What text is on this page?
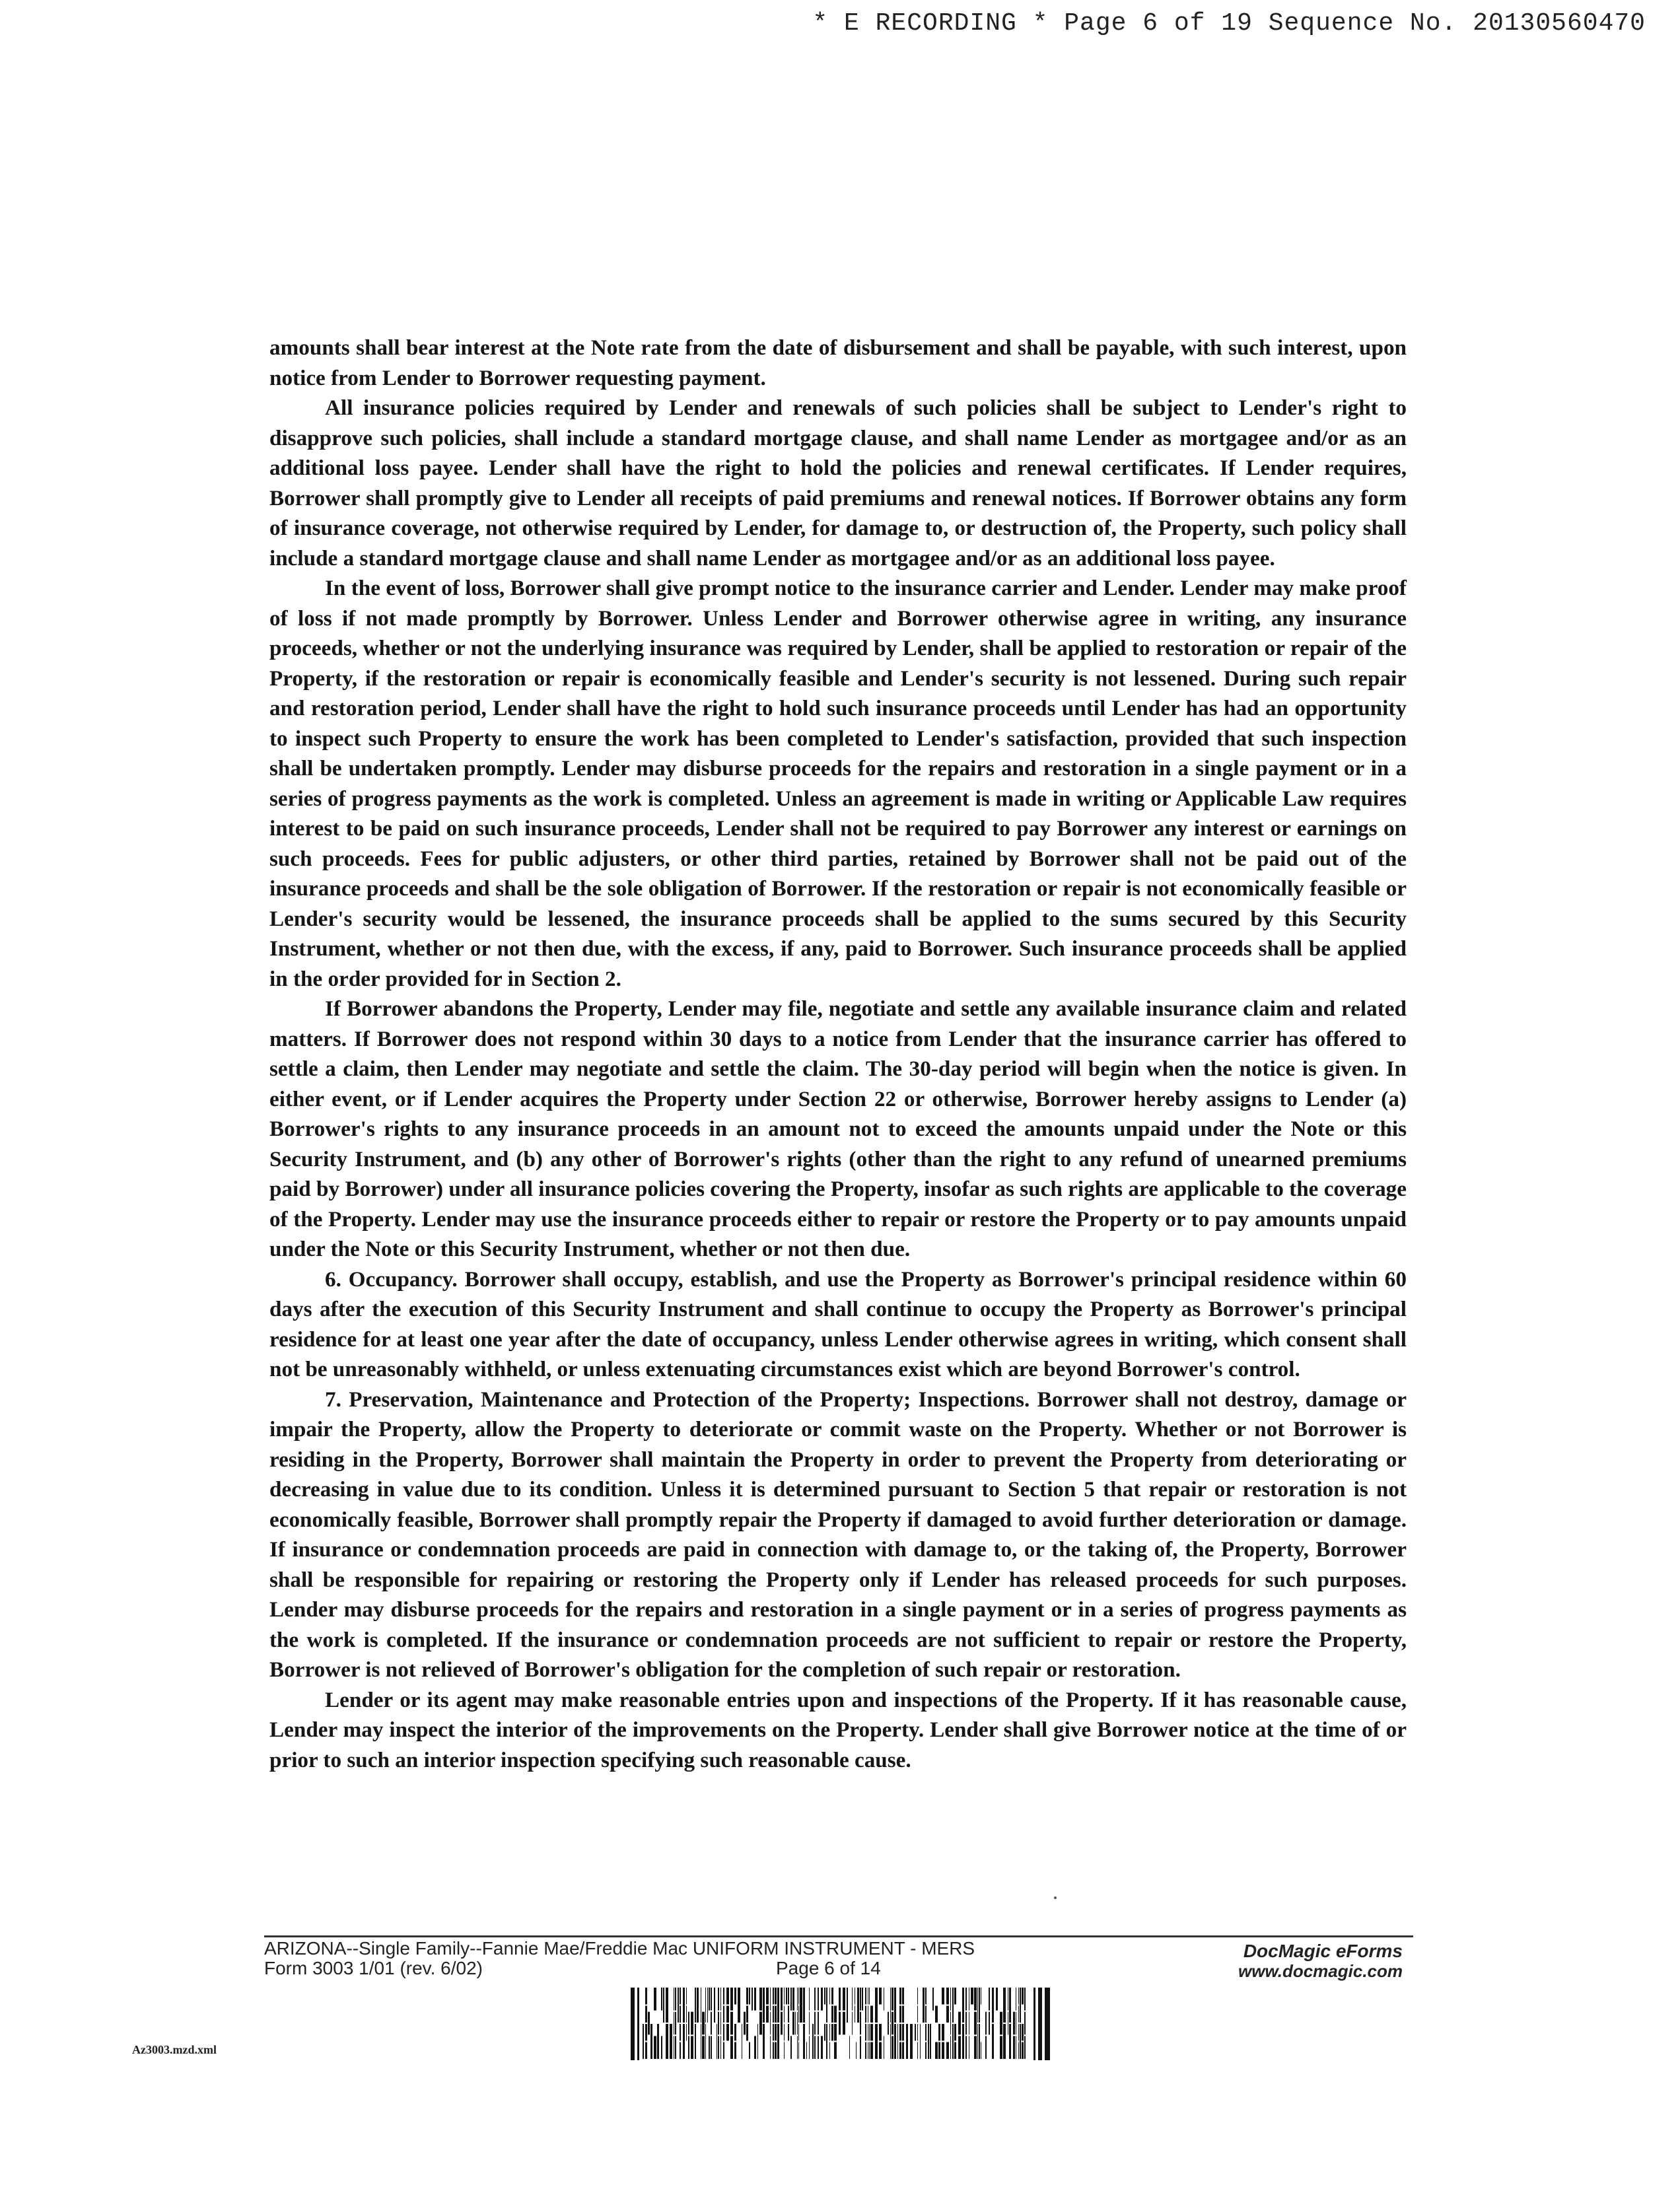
* E RECORDING * Page 6 of 19 Sequence No. 20130560470

amounts shall bear interest at the Note rate from the date of disbursement and shall be payable, with such interest, upon notice from Lender to Borrower requesting payment.

All insurance policies required by Lender and renewals of such policies shall be subject to Lender's right to disapprove such policies, shall include a standard mortgage clause, and shall name Lender as mortgagee and/or as an additional loss payee. Lender shall have the right to hold the policies and renewal certificates. If Lender requires, Borrower shall promptly give to Lender all receipts of paid premiums and renewal notices. If Borrower obtains any form of insurance coverage, not otherwise required by Lender, for damage to, or destruction of, the Property, such policy shall include a standard mortgage clause and shall name Lender as mortgagee and/or as an additional loss payee.

In the event of loss, Borrower shall give prompt notice to the insurance carrier and Lender. Lender may make proof of loss if not made promptly by Borrower. Unless Lender and Borrower otherwise agree in writing, any insurance proceeds, whether or not the underlying insurance was required by Lender, shall be applied to restoration or repair of the Property, if the restoration or repair is economically feasible and Lender's security is not lessened. During such repair and restoration period, Lender shall have the right to hold such insurance proceeds until Lender has had an opportunity to inspect such Property to ensure the work has been completed to Lender's satisfaction, provided that such inspection shall be undertaken promptly. Lender may disburse proceeds for the repairs and restoration in a single payment or in a series of progress payments as the work is completed. Unless an agreement is made in writing or Applicable Law requires interest to be paid on such insurance proceeds, Lender shall not be required to pay Borrower any interest or earnings on such proceeds. Fees for public adjusters, or other third parties, retained by Borrower shall not be paid out of the insurance proceeds and shall be the sole obligation of Borrower. If the restoration or repair is not economically feasible or Lender's security would be lessened, the insurance proceeds shall be applied to the sums secured by this Security Instrument, whether or not then due, with the excess, if any, paid to Borrower. Such insurance proceeds shall be applied in the order provided for in Section 2.

If Borrower abandons the Property, Lender may file, negotiate and settle any available insurance claim and related matters. If Borrower does not respond within 30 days to a notice from Lender that the insurance carrier has offered to settle a claim, then Lender may negotiate and settle the claim. The 30-day period will begin when the notice is given. In either event, or if Lender acquires the Property under Section 22 or otherwise, Borrower hereby assigns to Lender (a) Borrower's rights to any insurance proceeds in an amount not to exceed the amounts unpaid under the Note or this Security Instrument, and (b) any other of Borrower's rights (other than the right to any refund of unearned premiums paid by Borrower) under all insurance policies covering the Property, insofar as such rights are applicable to the coverage of the Property. Lender may use the insurance proceeds either to repair or restore the Property or to pay amounts unpaid under the Note or this Security Instrument, whether or not then due.

6. Occupancy. Borrower shall occupy, establish, and use the Property as Borrower's principal residence within 60 days after the execution of this Security Instrument and shall continue to occupy the Property as Borrower's principal residence for at least one year after the date of occupancy, unless Lender otherwise agrees in writing, which consent shall not be unreasonably withheld, or unless extenuating circumstances exist which are beyond Borrower's control.

7. Preservation, Maintenance and Protection of the Property; Inspections. Borrower shall not destroy, damage or impair the Property, allow the Property to deteriorate or commit waste on the Property. Whether or not Borrower is residing in the Property, Borrower shall maintain the Property in order to prevent the Property from deteriorating or decreasing in value due to its condition. Unless it is determined pursuant to Section 5 that repair or restoration is not economically feasible, Borrower shall promptly repair the Property if damaged to avoid further deterioration or damage. If insurance or condemnation proceeds are paid in connection with damage to, or the taking of, the Property, Borrower shall be responsible for repairing or restoring the Property only if Lender has released proceeds for such purposes. Lender may disburse proceeds for the repairs and restoration in a single payment or in a series of progress payments as the work is completed. If the insurance or condemnation proceeds are not sufficient to repair or restore the Property, Borrower is not relieved of Borrower's obligation for the completion of such repair or restoration.

Lender or its agent may make reasonable entries upon and inspections of the Property. If it has reasonable cause, Lender may inspect the interior of the improvements on the Property. Lender shall give Borrower notice at the time of or prior to such an interior inspection specifying such reasonable cause.

ARIZONA--Single Family--Fannie Mae/Freddie Mac UNIFORM INSTRUMENT - MERS
Form 3003 1/01 (rev. 6/02)	Page 6 of 14
DocMagic eForms
www.docmagic.com
Az3003.mzd.xml
